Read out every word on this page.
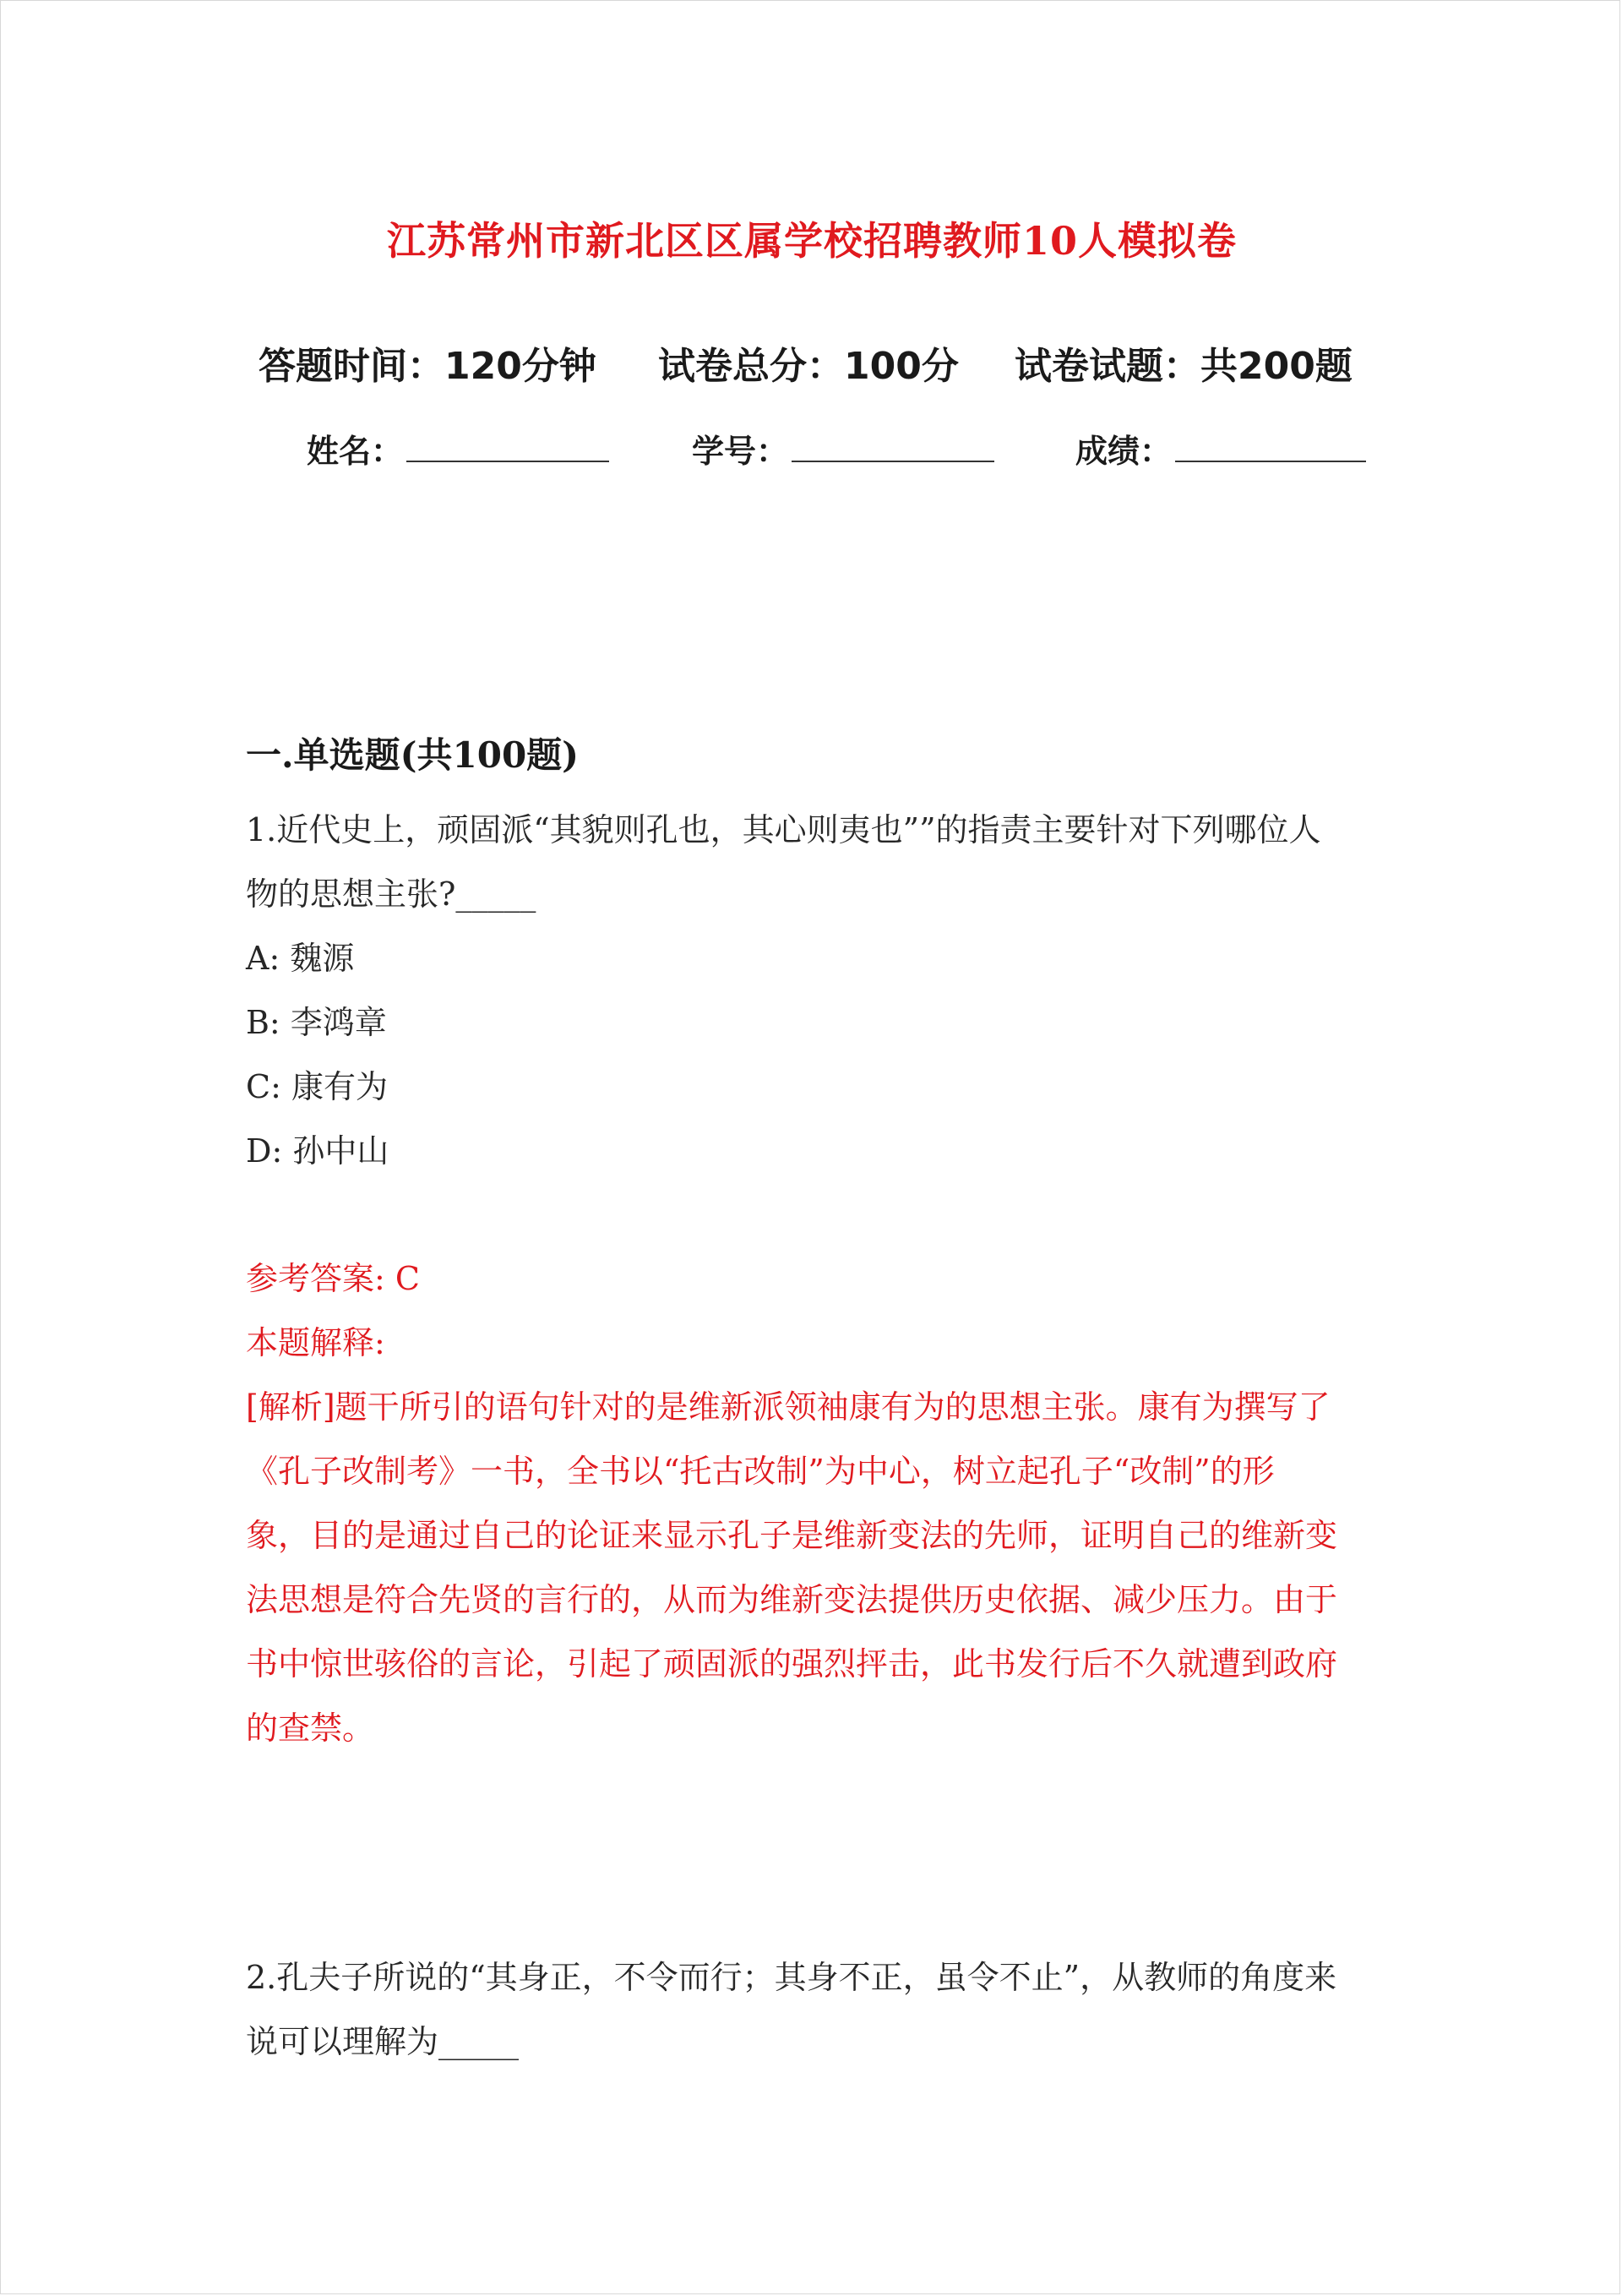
江苏常州市新北区区属学校招聘教师10人模拟卷
答题时间：120分钟 试卷总分：100分 试卷试题：共200题
姓名：	学号：	成绩：
一.单选题(共100题)
1.近代史上，顽固派“其貌则孔也，其心则夷也””的指责主要针对下列哪位人
物的思想主张?_____
A: 魏源
B: 李鸿章
C: 康有为
D: 孙中山
参考答案: C
本题解释:
[解析]题干所引的语句针对的是维新派领袖康有为的思想主张。康有为撰写了
《孔子改制考》一书，全书以“托古改制”为中心，树立起孔子“改制”的形
象，目的是通过自己的论证来显示孔子是维新变法的先师，证明自己的维新变
法思想是符合先贤的言行的，从而为维新变法提供历史依据、减少压力。由于
书中惊世骇俗的言论，引起了顽固派的强烈抨击，此书发行后不久就遭到政府
的查禁。
2.孔夫子所说的“其身正，不令而行；其身不正，虽令不止”，从教师的角度来
说可以理解为_____
